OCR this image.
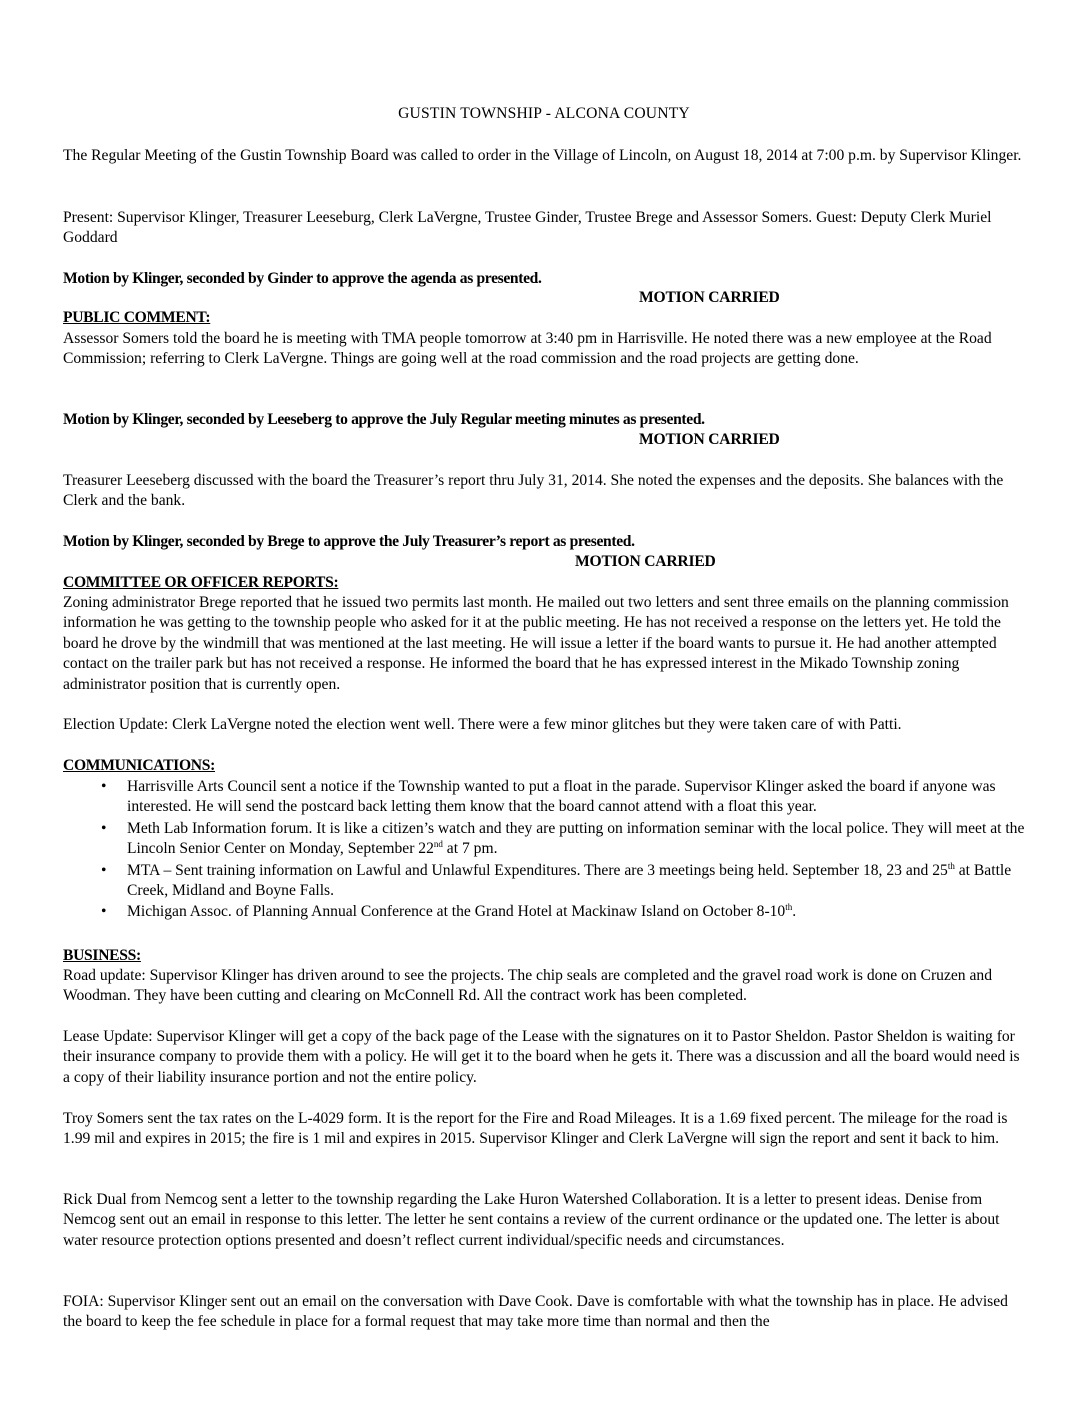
GUSTIN TOWNSHIP - ALCONA COUNTY

The Regular Meeting of the Gustin Township Board was called to order in the Village of Lincoln, on August 18, 2014 at 7:00 p.m. by Supervisor Klinger.

Present: Supervisor Klinger, Treasurer Leeseburg, Clerk LaVergne, Trustee Ginder, Trustee Brege and Assessor Somers. Guest: Deputy Clerk Muriel Goddard

Motion by Klinger, seconded by Ginder to approve the agenda as presented.

MOTION CARRIED

PUBLIC COMMENT:

Assessor Somers told the board he is meeting with TMA people tomorrow at 3:40 pm in Harrisville. He noted there was a new employee at the Road Commission; referring to Clerk LaVergne. Things are going well at the road commission and the road projects are getting done.

Motion by Klinger, seconded by Leeseberg to approve the July Regular meeting minutes as presented.

MOTION CARRIED

Treasurer Leeseberg discussed with the board the Treasurer’s report thru July 31, 2014. She noted the expenses and the deposits. She balances with the Clerk and the bank.

Motion by Klinger, seconded by Brege to approve the July Treasurer’s report as presented.

MOTION CARRIED

COMMITTEE OR OFFICER REPORTS:

Zoning administrator Brege reported that he issued two permits last month. He mailed out two letters and sent three emails on the planning commission information he was getting to the township people who asked for it at the public meeting. He has not received a response on the letters yet. He told the board he drove by the windmill that was mentioned at the last meeting. He will issue a letter if the board wants to pursue it. He had another attempted contact on the trailer park but has not received a response. He informed the board that he has expressed interest in the Mikado Township zoning administrator position that is currently open.

Election Update: Clerk LaVergne noted the election went well. There were a few minor glitches but they were taken care of with Patti.

COMMUNICATIONS:

• Harrisville Arts Council sent a notice if the Township wanted to put a float in the parade. Supervisor Klinger asked the board if anyone was interested. He will send the postcard back letting them know that the board cannot attend with a float this year.
• Meth Lab Information forum. It is like a citizen’s watch and they are putting on information seminar with the local police. They will meet at the Lincoln Senior Center on Monday, September 22nd at 7 pm.
• MTA – Sent training information on Lawful and Unlawful Expenditures. There are 3 meetings being held. September 18, 23 and 25th at Battle Creek, Midland and Boyne Falls.
• Michigan Assoc. of Planning Annual Conference at the Grand Hotel at Mackinaw Island on October 8-10th.

BUSINESS:

Road update: Supervisor Klinger has driven around to see the projects. The chip seals are completed and the gravel road work is done on Cruzen and Woodman. They have been cutting and clearing on McConnell Rd. All the contract work has been completed.

Lease Update: Supervisor Klinger will get a copy of the back page of the Lease with the signatures on it to Pastor Sheldon. Pastor Sheldon is waiting for their insurance company to provide them with a policy. He will get it to the board when he gets it. There was a discussion and all the board would need is a copy of their liability insurance portion and not the entire policy.

Troy Somers sent the tax rates on the L-4029 form. It is the report for the Fire and Road Mileages. It is a 1.69 fixed percent. The mileage for the road is 1.99 mil and expires in 2015; the fire is 1 mil and expires in 2015. Supervisor Klinger and Clerk LaVergne will sign the report and sent it back to him.

Rick Dual from Nemcog sent a letter to the township regarding the Lake Huron Watershed Collaboration. It is a letter to present ideas. Denise from Nemcog sent out an email in response to this letter. The letter he sent contains a review of the current ordinance or the updated one. The letter is about water resource protection options presented and doesn’t reflect current individual/specific needs and circumstances.

FOIA: Supervisor Klinger sent out an email on the conversation with Dave Cook. Dave is comfortable with what the township has in place. He advised the board to keep the fee schedule in place for a formal request that may take more time than normal and then the
